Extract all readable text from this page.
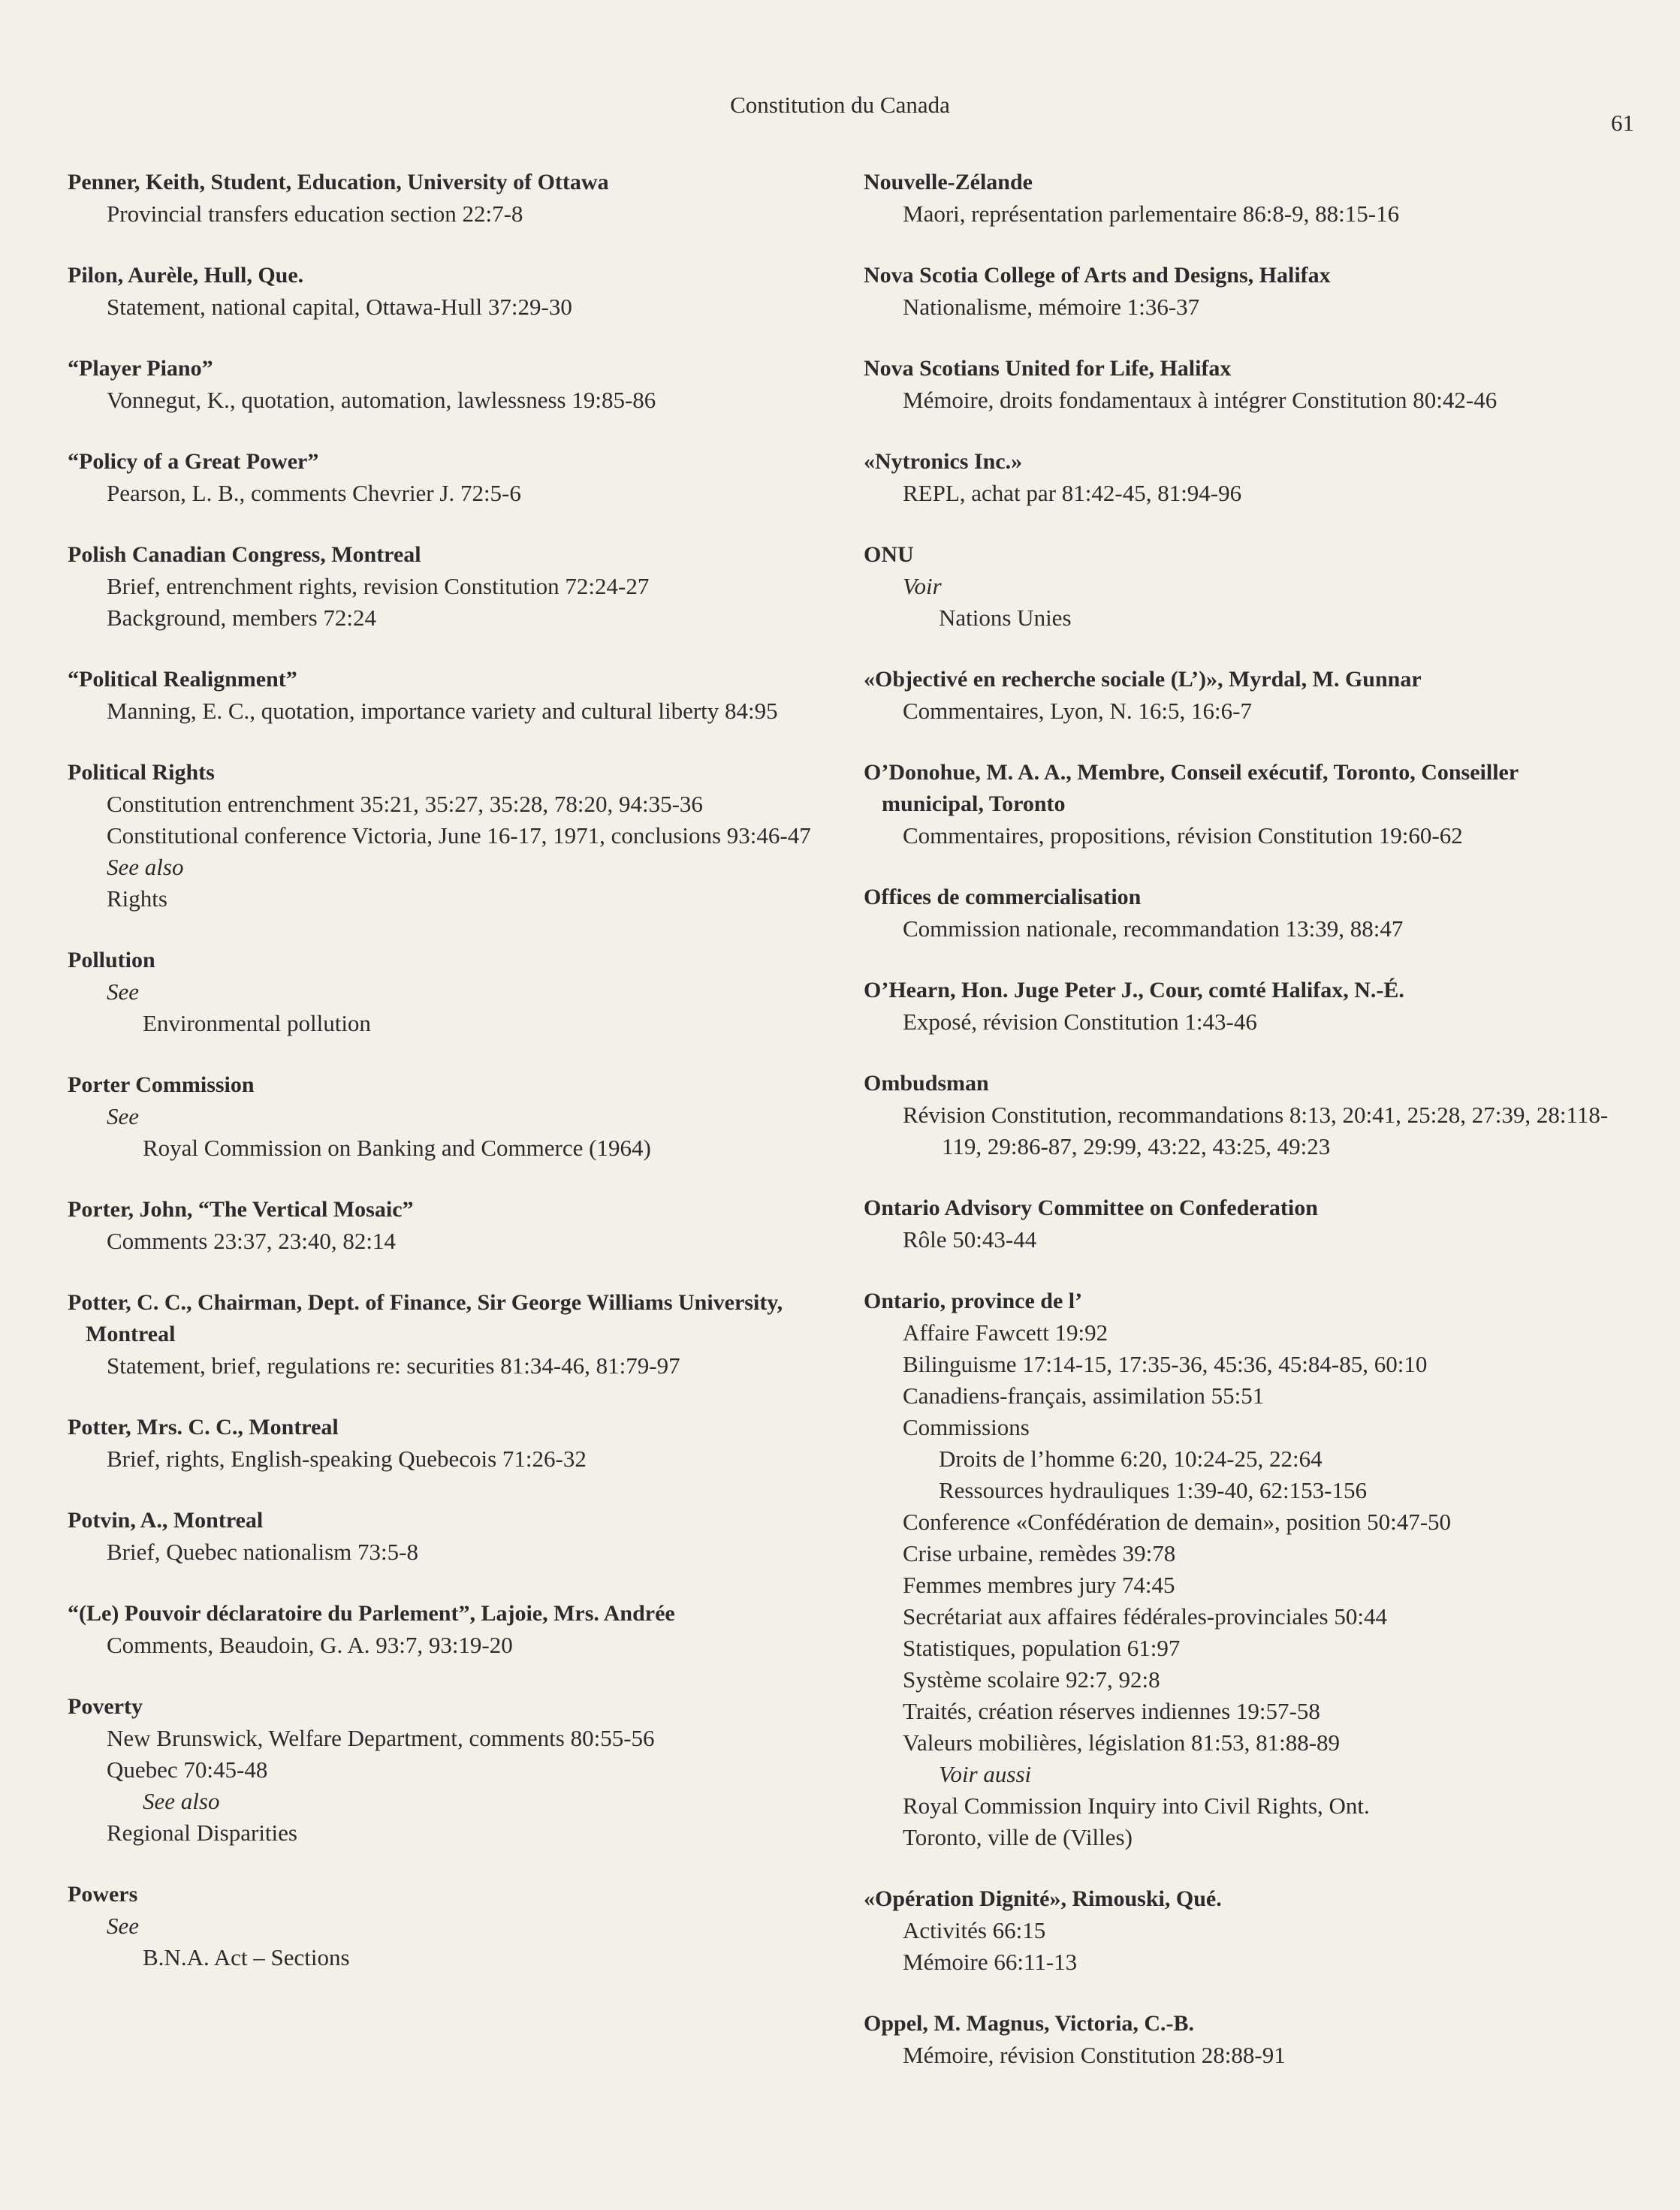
Constitution du Canada
61
Penner, Keith, Student, Education, University of Ottawa
Provincial transfers education section 22:7-8
Pilon, Aurèle, Hull, Que.
Statement, national capital, Ottawa-Hull 37:29-30
“Player Piano”
Vonnegut, K., quotation, automation, lawlessness 19:85-86
“Policy of a Great Power”
Pearson, L. B., comments Chevrier J. 72:5-6
Polish Canadian Congress, Montreal
Brief, entrenchment rights, revision Constitution 72:24-27
Background, members 72:24
“Political Realignment”
Manning, E. C., quotation, importance variety and cultural liberty 84:95
Political Rights
Constitution entrenchment 35:21, 35:27, 35:28, 78:20, 94:35-36
Constitutional conference Victoria, June 16-17, 1971, conclusions 93:46-47
See also
Rights
Pollution
See
Environmental pollution
Porter Commission
See
Royal Commission on Banking and Commerce (1964)
Porter, John, “The Vertical Mosaic”
Comments 23:37, 23:40, 82:14
Potter, C. C., Chairman, Dept. of Finance, Sir George Williams University, Montreal
Statement, brief, regulations re: securities 81:34-46, 81:79-97
Potter, Mrs. C. C., Montreal
Brief, rights, English-speaking Quebecois 71:26-32
Potvin, A., Montreal
Brief, Quebec nationalism 73:5-8
“(Le) Pouvoir déclaratoire du Parlement”, Lajoie, Mrs. Andrée
Comments, Beaudoin, G. A. 93:7, 93:19-20
Poverty
New Brunswick, Welfare Department, comments 80:55-56
Quebec 70:45-48
See also
Regional Disparities
Powers
See
B.N.A. Act – Sections
Nouvelle-Zélande
Maori, représentation parlementaire 86:8-9, 88:15-16
Nova Scotia College of Arts and Designs, Halifax
Nationalisme, mémoire 1:36-37
Nova Scotians United for Life, Halifax
Mémoire, droits fondamentaux à intégrer Constitution 80:42-46
«Nytronics Inc.»
REPL, achat par 81:42-45, 81:94-96
ONU
Voir
Nations Unies
«Objectivé en recherche sociale (L’)», Myrdal, M. Gunnar
Commentaires, Lyon, N. 16:5, 16:6-7
O’Donohue, M. A. A., Membre, Conseil exécutif, Toronto, Conseiller municipal, Toronto
Commentaires, propositions, révision Constitution 19:60-62
Offices de commercialisation
Commission nationale, recommandation 13:39, 88:47
O’Hearn, Hon. Juge Peter J., Cour, comté Halifax, N.-É.
Exposé, révision Constitution 1:43-46
Ombudsman
Révision Constitution, recommandations 8:13, 20:41, 25:28, 27:39, 28:118-119, 29:86-87, 29:99, 43:22, 43:25, 49:23
Ontario Advisory Committee on Confederation
Rôle 50:43-44
Ontario, province de l’
Affaire Fawcett 19:92
Bilinguisme 17:14-15, 17:35-36, 45:36, 45:84-85, 60:10
Canadiens-français, assimilation 55:51
Commissions
Droits de l’homme 6:20, 10:24-25, 22:64
Ressources hydrauliques 1:39-40, 62:153-156
Conference «Confédération de demain», position 50:47-50
Crise urbaine, remèdes 39:78
Femmes membres jury 74:45
Secrétariat aux affaires fédérales-provinciales 50:44
Statistiques, population 61:97
Système scolaire 92:7, 92:8
Traités, création réserves indiennes 19:57-58
Valeurs mobilières, législation 81:53, 81:88-89
Voir aussi
Royal Commission Inquiry into Civil Rights, Ont.
Toronto, ville de (Villes)
«Opération Dignité», Rimouski, Qué.
Activités 66:15
Mémoire 66:11-13
Oppel, M. Magnus, Victoria, C.-B.
Mémoire, révision Constitution 28:88-91
